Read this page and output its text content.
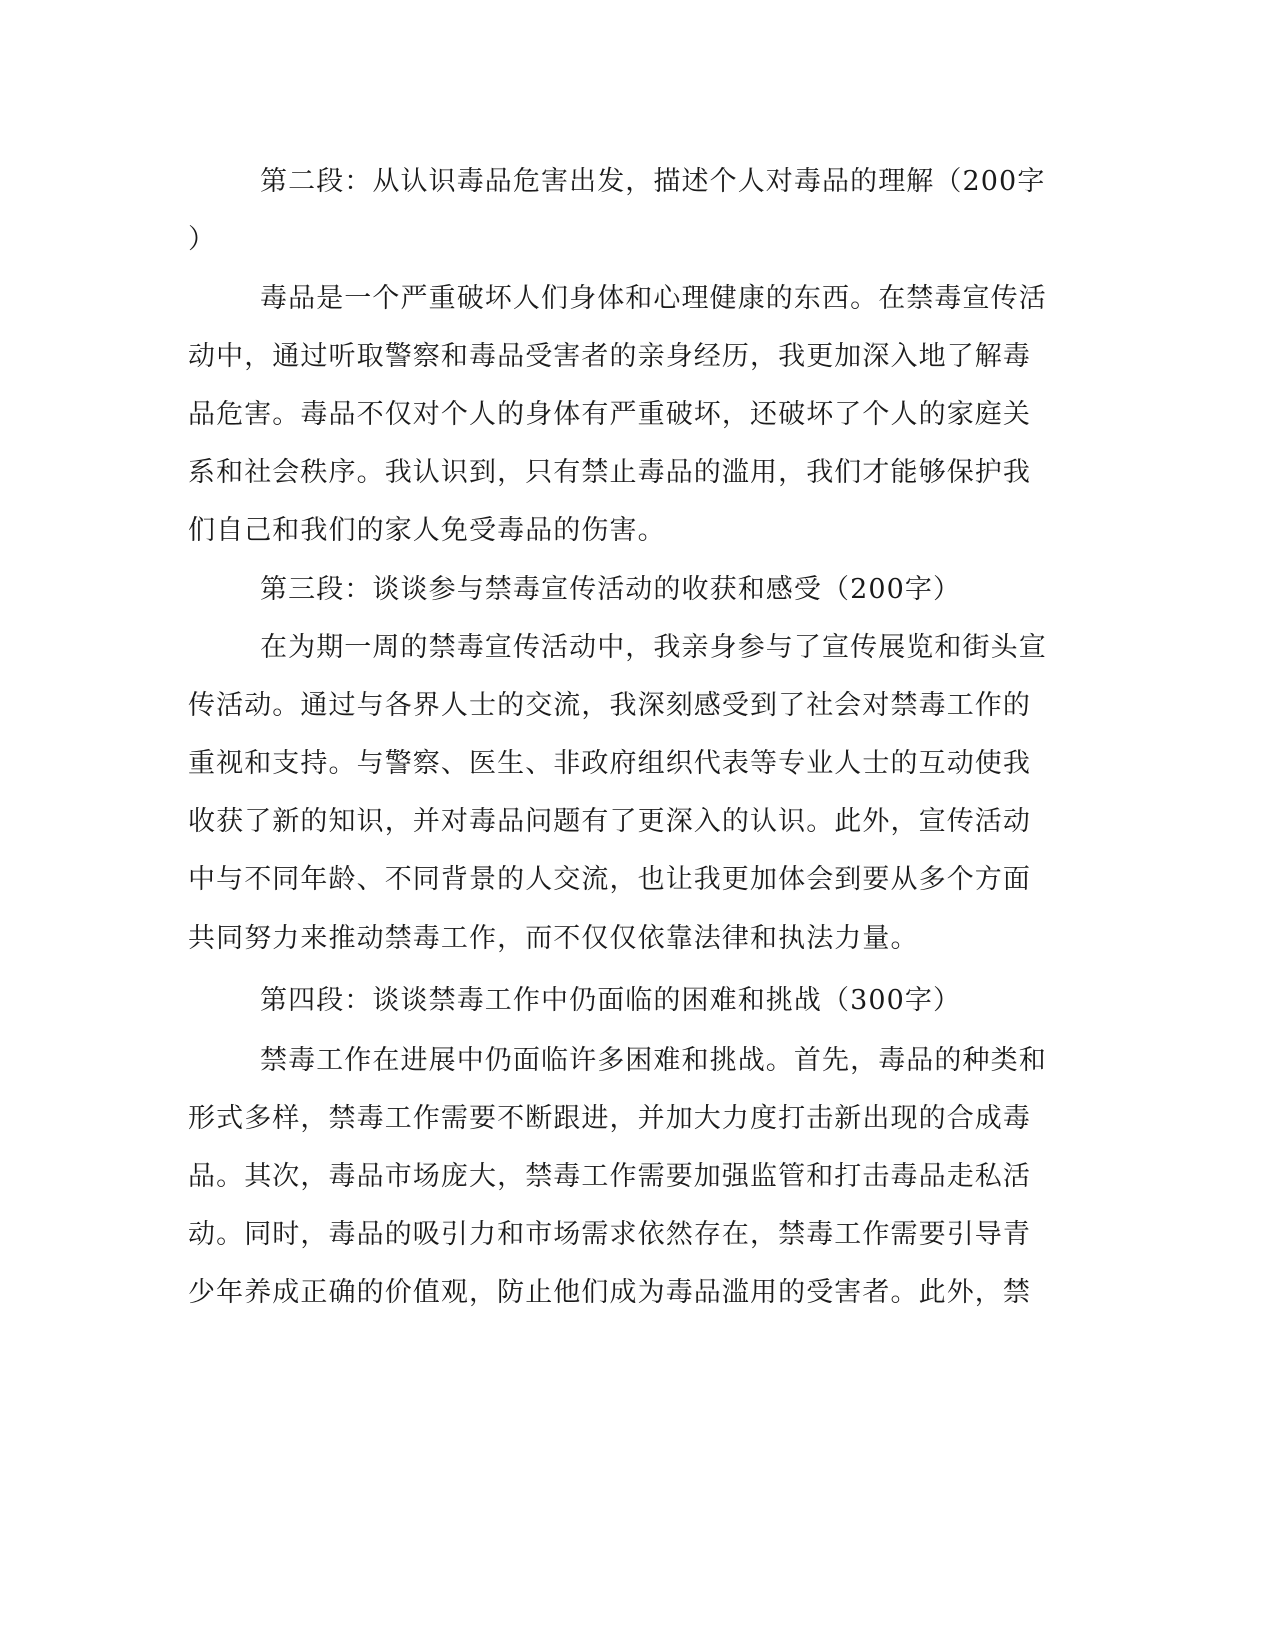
第二段：从认识毒品危害出发，描述个人对毒品的理解（200字
）
毒品是一个严重破坏人们身体和心理健康的东西。在禁毒宣传活
动中，通过听取警察和毒品受害者的亲身经历，我更加深入地了解毒
品危害。毒品不仅对个人的身体有严重破坏，还破坏了个人的家庭关
系和社会秩序。我认识到，只有禁止毒品的滥用，我们才能够保护我
们自己和我们的家人免受毒品的伤害。
第三段：谈谈参与禁毒宣传活动的收获和感受（200字）
在为期一周的禁毒宣传活动中，我亲身参与了宣传展览和街头宣
传活动。通过与各界人士的交流，我深刻感受到了社会对禁毒工作的
重视和支持。与警察、医生、非政府组织代表等专业人士的互动使我
收获了新的知识，并对毒品问题有了更深入的认识。此外，宣传活动
中与不同年龄、不同背景的人交流，也让我更加体会到要从多个方面
共同努力来推动禁毒工作，而不仅仅依靠法律和执法力量。
第四段：谈谈禁毒工作中仍面临的困难和挑战（300字）
禁毒工作在进展中仍面临许多困难和挑战。首先，毒品的种类和
形式多样，禁毒工作需要不断跟进，并加大力度打击新出现的合成毒
品。其次，毒品市场庞大，禁毒工作需要加强监管和打击毒品走私活
动。同时，毒品的吸引力和市场需求依然存在，禁毒工作需要引导青
少年养成正确的价值观，防止他们成为毒品滥用的受害者。此外，禁
